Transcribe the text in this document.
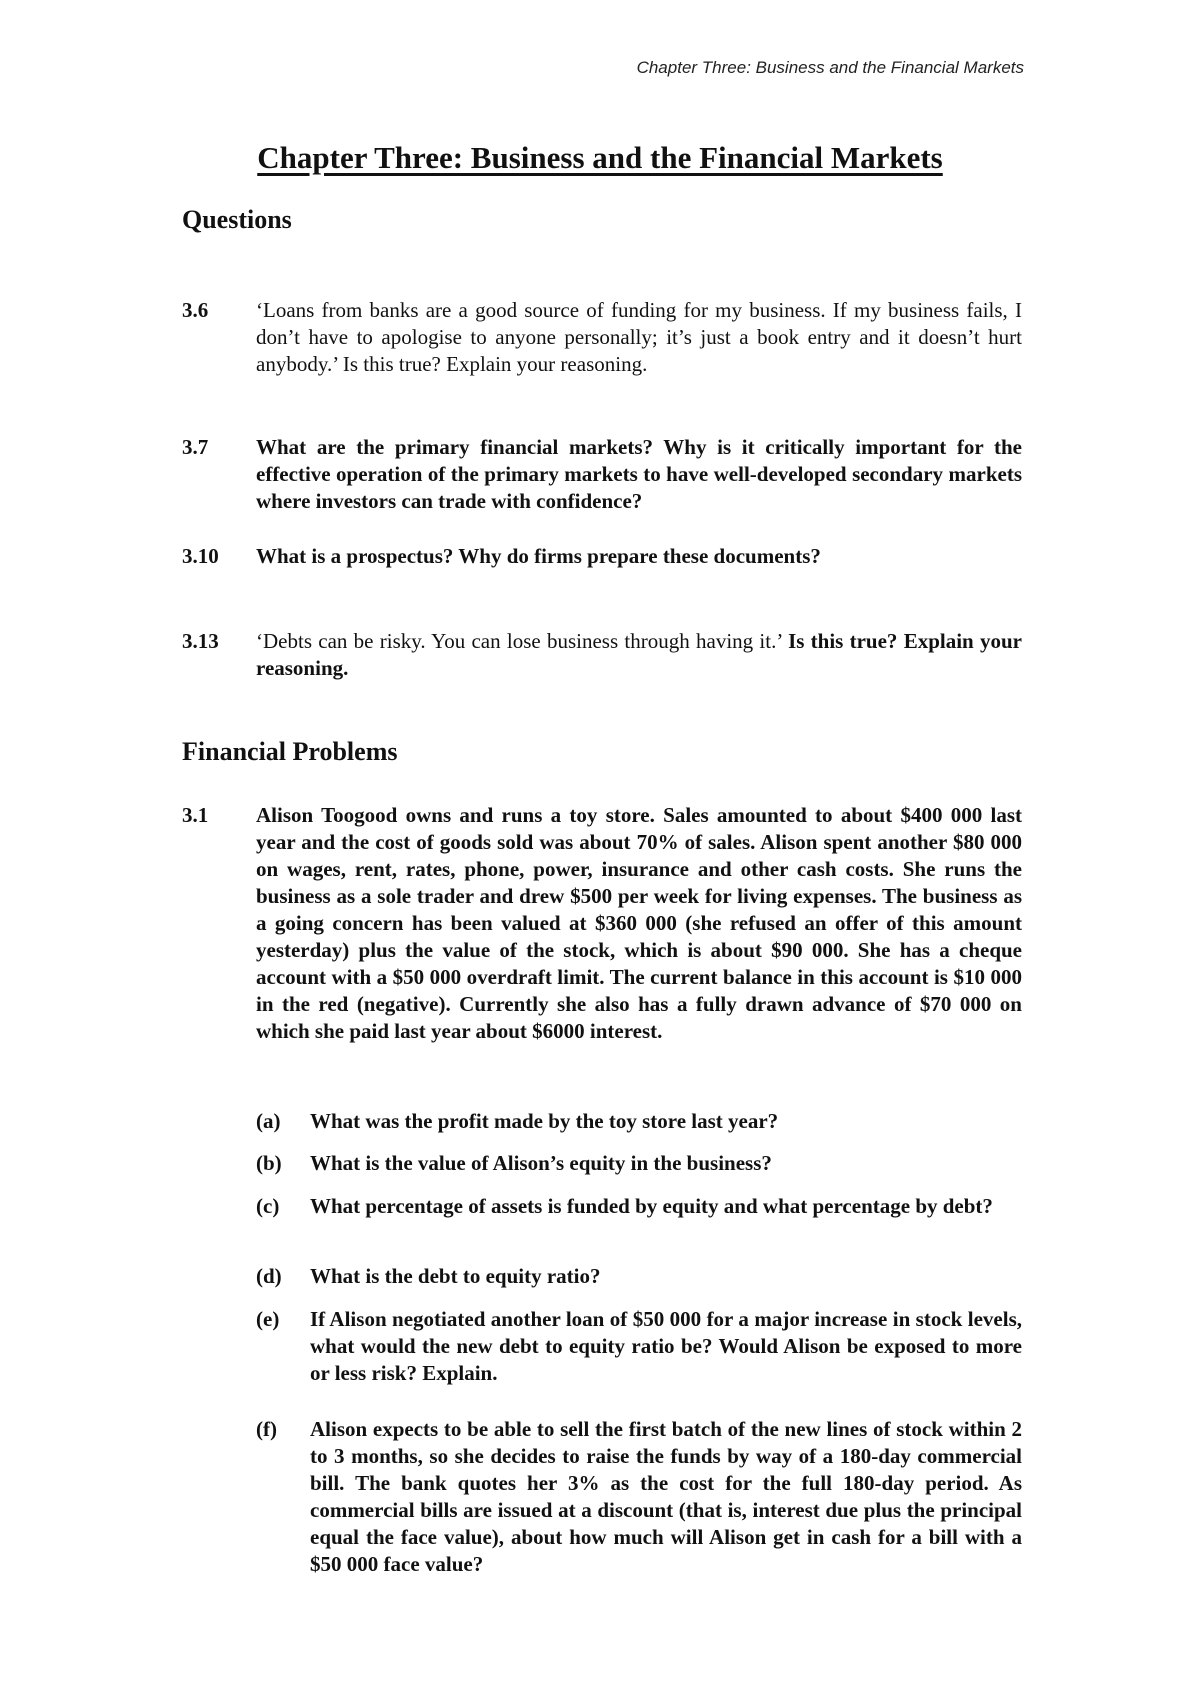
Chapter Three: Business and the Financial Markets
Chapter Three: Business and the Financial Markets
Questions
3.6 ‘Loans from banks are a good source of funding for my business. If my business fails, I don’t have to apologise to anyone personally; it’s just a book entry and it doesn’t hurt anybody.’ Is this true? Explain your reasoning.
3.7 What are the primary financial markets? Why is it critically important for the effective operation of the primary markets to have well-developed secondary markets where investors can trade with confidence?
3.10 What is a prospectus? Why do firms prepare these documents?
3.13 ‘Debts can be risky. You can lose business through having it.’ Is this true? Explain your reasoning.
Financial Problems
3.1 Alison Toogood owns and runs a toy store. Sales amounted to about $400 000 last year and the cost of goods sold was about 70% of sales. Alison spent another $80 000 on wages, rent, rates, phone, power, insurance and other cash costs. She runs the business as a sole trader and drew $500 per week for living expenses. The business as a going concern has been valued at $360 000 (she refused an offer of this amount yesterday) plus the value of the stock, which is about $90 000. She has a cheque account with a $50 000 overdraft limit. The current balance in this account is $10 000 in the red (negative). Currently she also has a fully drawn advance of $70 000 on which she paid last year about $6000 interest.
(a) What was the profit made by the toy store last year?
(b) What is the value of Alison’s equity in the business?
(c) What percentage of assets is funded by equity and what percentage by debt?
(d) What is the debt to equity ratio?
(e) If Alison negotiated another loan of $50 000 for a major increase in stock levels, what would the new debt to equity ratio be? Would Alison be exposed to more or less risk? Explain.
(f) Alison expects to be able to sell the first batch of the new lines of stock within 2 to 3 months, so she decides to raise the funds by way of a 180-day commercial bill. The bank quotes her 3% as the cost for the full 180-day period. As commercial bills are issued at a discount (that is, interest due plus the principal equal the face value), about how much will Alison get in cash for a bill with a $50 000 face value?
